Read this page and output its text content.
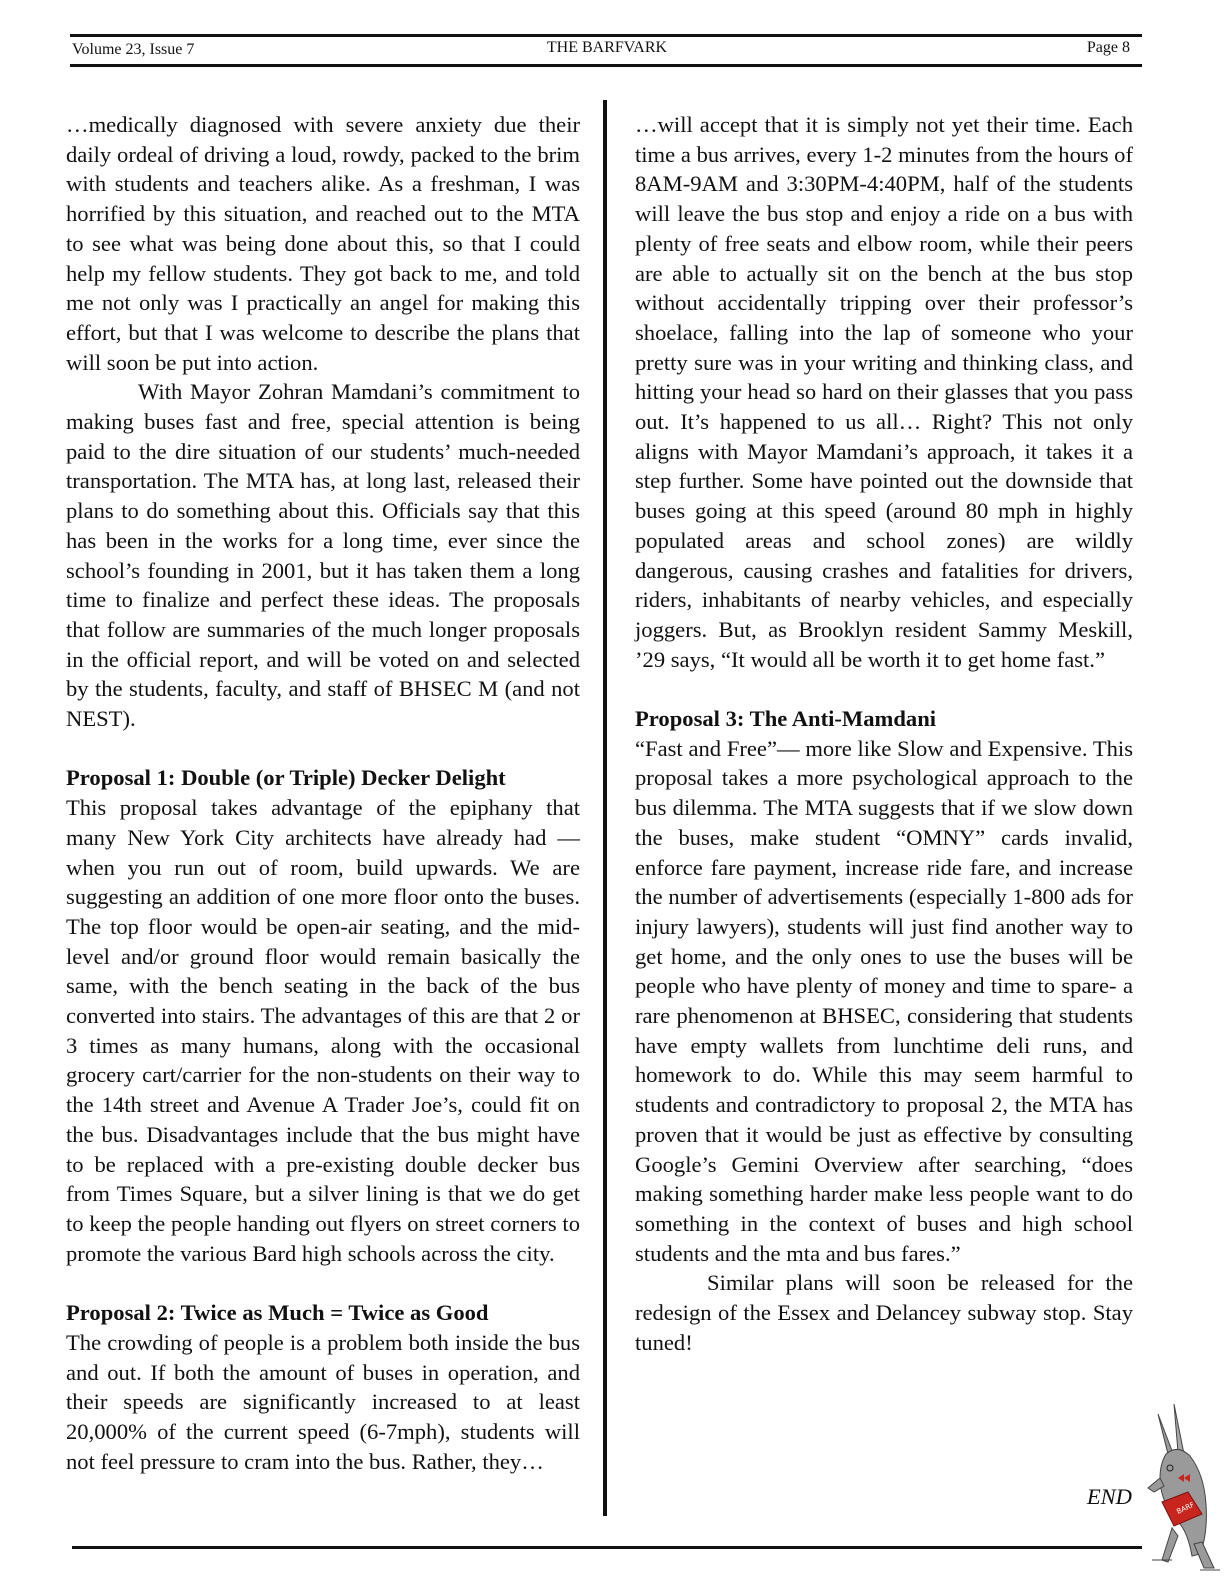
Volume 23, Issue 7	THE BARFVARK	Page 8

…medically diagnosed with severe anxiety due their daily ordeal of driving a loud, rowdy, packed to the brim with students and teachers alike. As a freshman, I was horrified by this situation, and reached out to the MTA to see what was being done about this, so that I could help my fellow students. They got back to me, and told me not only was I practically an angel for making this effort, but that I was welcome to describe the plans that will soon be put into action.

With Mayor Zohran Mamdani’s commitment to making buses fast and free, special attention is being paid to the dire situation of our students’ much-needed transportation. The MTA has, at long last, released their plans to do something about this. Officials say that this has been in the works for a long time, ever since the school’s founding in 2001, but it has taken them a long time to finalize and perfect these ideas. The proposals that follow are summaries of the much longer proposals in the official report, and will be voted on and selected by the students, faculty, and staff of BHSEC M (and not NEST).

Proposal 1: Double (or Triple) Decker Delight

This proposal takes advantage of the epiphany that many New York City architects have already had — when you run out of room, build upwards. We are suggesting an addition of one more floor onto the buses. The top floor would be open-air seating, and the mid-level and/or ground floor would remain basically the same, with the bench seating in the back of the bus converted into stairs. The advantages of this are that 2 or 3 times as many humans, along with the occasional grocery cart/carrier for the non-students on their way to the 14th street and Avenue A Trader Joe’s, could fit on the bus. Disadvantages include that the bus might have to be replaced with a pre-existing double decker bus from Times Square, but a silver lining is that we do get to keep the people handing out flyers on street corners to promote the various Bard high schools across the city.

Proposal 2: Twice as Much = Twice as Good

The crowding of people is a problem both inside the bus and out. If both the amount of buses in operation, and their speeds are significantly increased to at least 20,000% of the current speed (6-7mph), students will not feel pressure to cram into the bus. Rather, they…

…will accept that it is simply not yet their time. Each time a bus arrives, every 1-2 minutes from the hours of 8AM-9AM and 3:30PM-4:40PM, half of the students will leave the bus stop and enjoy a ride on a bus with plenty of free seats and elbow room, while their peers are able to actually sit on the bench at the bus stop without accidentally tripping over their professor’s shoelace, falling into the lap of someone who your pretty sure was in your writing and thinking class, and hitting your head so hard on their glasses that you pass out. It’s happened to us all… Right? This not only aligns with Mayor Mamdani’s approach, it takes it a step further. Some have pointed out the downside that buses going at this speed (around 80 mph in highly populated areas and school zones) are wildly dangerous, causing crashes and fatalities for drivers, riders, inhabitants of nearby vehicles, and especially joggers. But, as Brooklyn resident Sammy Meskill, ’29 says, “It would all be worth it to get home fast.”

Proposal 3: The Anti-Mamdani

“Fast and Free”— more like Slow and Expensive. This proposal takes a more psychological approach to the bus dilemma. The MTA suggests that if we slow down the buses, make student “OMNY” cards invalid, enforce fare payment, increase ride fare, and increase the number of advertisements (especially 1-800 ads for injury lawyers), students will just find another way to get home, and the only ones to use the buses will be people who have plenty of money and time to spare- a rare phenomenon at BHSEC, considering that students have empty wallets from lunchtime deli runs, and homework to do. While this may seem harmful to students and contradictory to proposal 2, the MTA has proven that it would be just as effective by consulting Google’s Gemini Overview after searching, “does making something harder make less people want to do something in the context of buses and high school students and the mta and bus fares.”

Similar plans will soon be released for the redesign of the Essex and Delancey subway stop. Stay tuned!

END	BARF
